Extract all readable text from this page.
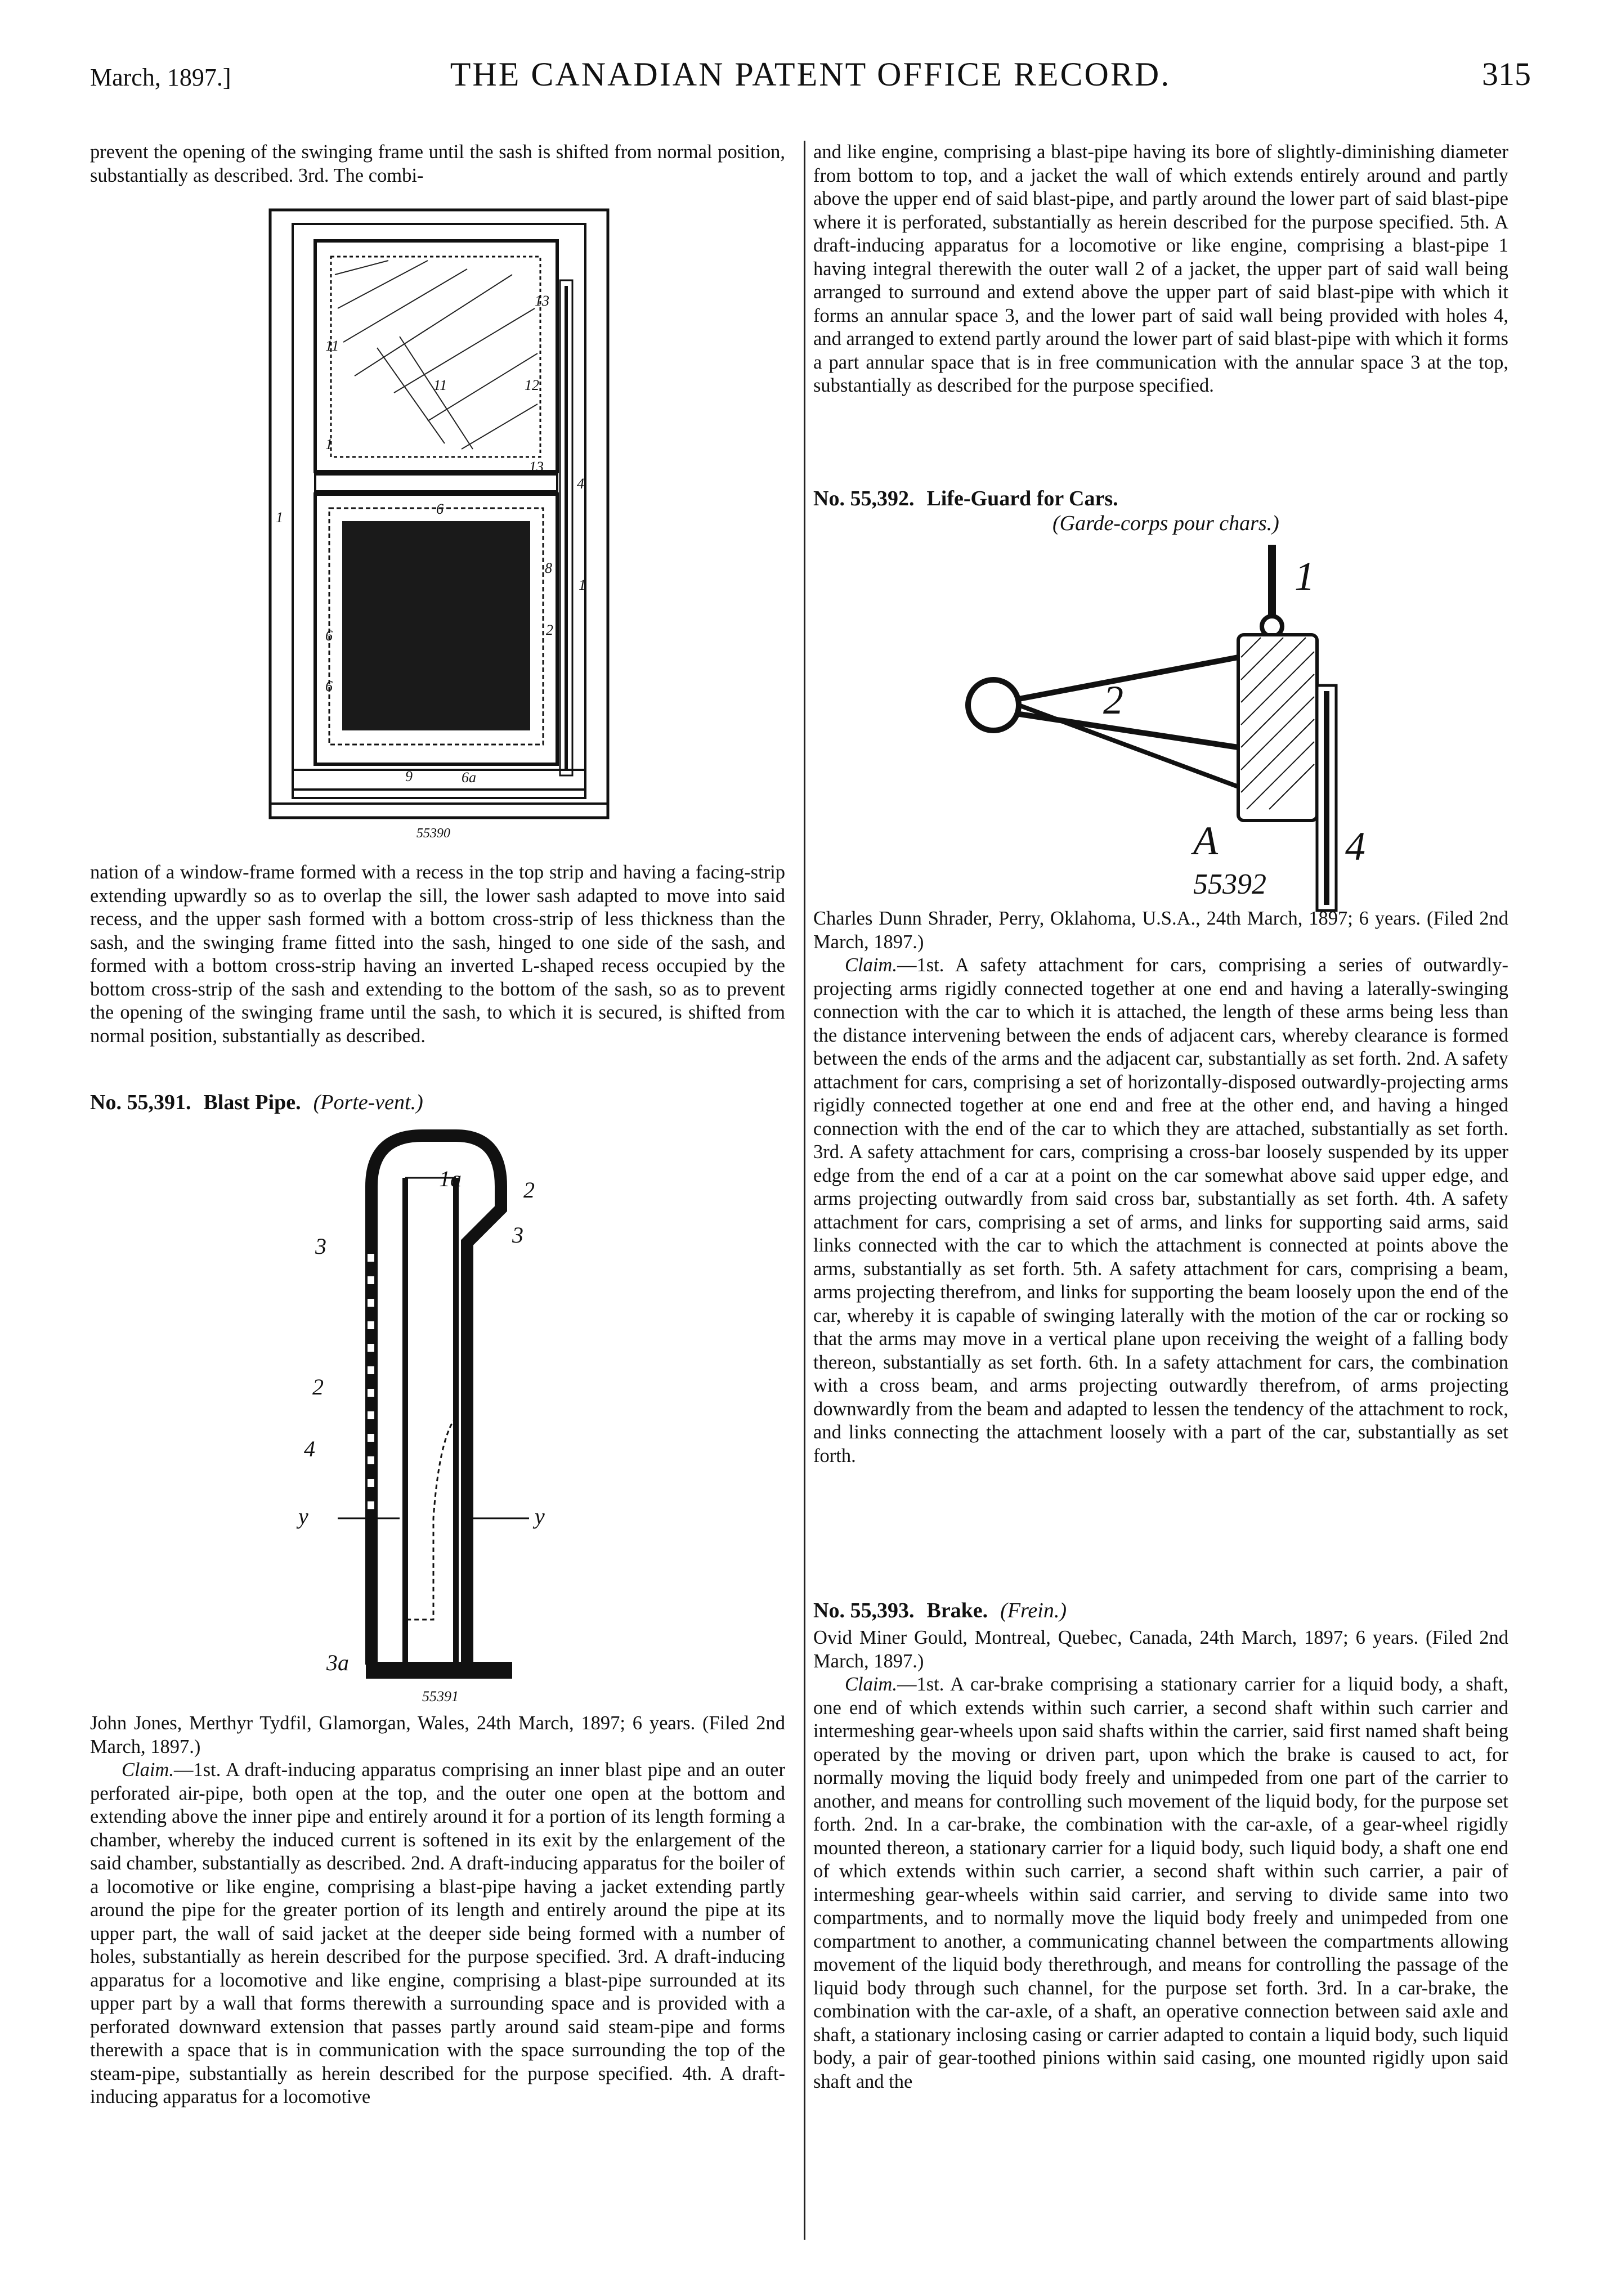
March, 1897.]	THE CANADIAN PATENT OFFICE RECORD.	315

prevent the opening of the swinging frame until the sash is shifted from normal position, substantially as described. 3rd. The combi-

13
11	12
11
13
4
1
6
8
1
2
6
9	6a
1
6
55390

nation of a window-frame formed with a recess in the top strip and having a facing-strip extending upwardly so as to overlap the sill, the lower sash adapted to move into said recess, and the upper sash formed with a bottom cross-strip of less thickness than the sash, and the swinging frame fitted into the sash, hinged to one side of the sash, and formed with a bottom cross-strip having an inverted L-shaped recess occupied by the bottom cross-strip of the sash and extending to the bottom of the sash, so as to prevent the opening of the swinging frame until the sash, to which it is secured, is shifted from normal position, substantially as described.

No. 55,391. Blast Pipe. (Porte-vent.)
1a	2
3	3
2
4
y	y
3a
55391

John Jones, Merthyr Tydfil, Glamorgan, Wales, 24th March, 1897; 6 years. (Filed 2nd March, 1897.)

Claim.—1st. A draft-inducing apparatus comprising an inner blast pipe and an outer perforated air-pipe, both open at the top, and the outer one open at the bottom and extending above the inner pipe and entirely around it for a portion of its length forming a chamber, whereby the induced current is softened in its exit by the enlargement of the said chamber, substantially as described. 2nd. A draft-inducing apparatus for the boiler of a locomotive or like engine, comprising a blast-pipe having a jacket extending partly around the pipe for the greater portion of its length and entirely around the pipe at its upper part, the wall of said jacket at the deeper side being formed with a number of holes, substantially as herein described for the purpose specified. 3rd. A draft-inducing apparatus for a locomotive and like engine, comprising a blast-pipe surrounded at its upper part by a wall that forms therewith a surrounding space and is provided with a perforated downward extension that passes partly around said steam-pipe and forms therewith a space that is in communication with the space surrounding the top of the steam-pipe, substantially as herein described for the purpose specified. 4th. A draft-inducing apparatus for a locomotive

and like engine, comprising a blast-pipe having its bore of slightly-diminishing diameter from bottom to top, and a jacket the wall of which extends entirely around and partly above the upper end of said blast-pipe, and partly around the lower part of said blast-pipe where it is perforated, substantially as herein described for the purpose specified. 5th. A draft-inducing apparatus for a locomotive or like engine, comprising a blast-pipe 1 having integral therewith the outer wall 2 of a jacket, the upper part of said wall being arranged to surround and extend above the upper part of said blast-pipe with which it forms an annular space 3, and the lower part of said wall being provided with holes 4, and arranged to extend partly around the lower part of said blast-pipe with which it forms a part annular space that is in free communication with the annular space 3 at the top, substantially as described for the purpose specified.

No. 55,392. Life-Guard for Cars.
(Garde-corps pour chars.)
1
2
A	4
55392

Charles Dunn Shrader, Perry, Oklahoma, U.S.A., 24th March, 1897; 6 years. (Filed 2nd March, 1897.)

Claim.—1st. A safety attachment for cars, comprising a series of outwardly-projecting arms rigidly connected together at one end and having a laterally-swinging connection with the car to which it is attached, the length of these arms being less than the distance intervening between the ends of adjacent cars, whereby clearance is formed between the ends of the arms and the adjacent car, substantially as set forth. 2nd. A safety attachment for cars, comprising a set of horizontally-disposed outwardly-projecting arms rigidly connected together at one end and free at the other end, and having a hinged connection with the end of the car to which they are attached, substantially as set forth. 3rd. A safety attachment for cars, comprising a cross-bar loosely suspended by its upper edge from the end of a car at a point on the car somewhat above said upper edge, and arms projecting outwardly from said cross bar, substantially as set forth. 4th. A safety attachment for cars, comprising a set of arms, and links for supporting said arms, said links connected with the car to which the attachment is connected at points above the arms, substantially as set forth. 5th. A safety attachment for cars, comprising a beam, arms projecting therefrom, and links for supporting the beam loosely upon the end of the car, whereby it is capable of swinging laterally with the motion of the car or rocking so that the arms may move in a vertical plane upon receiving the weight of a falling body thereon, substantially as set forth. 6th. In a safety attachment for cars, the combination with a cross beam, and arms projecting outwardly therefrom, of arms projecting downwardly from the beam and adapted to lessen the tendency of the attachment to rock, and links connecting the attachment loosely with a part of the car, substantially as set forth.

No. 55,393. Brake. (Frein.)

Ovid Miner Gould, Montreal, Quebec, Canada, 24th March, 1897; 6 years. (Filed 2nd March, 1897.)

Claim.—1st. A car-brake comprising a stationary carrier for a liquid body, a shaft, one end of which extends within such carrier, a second shaft within such carrier and intermeshing gear-wheels upon said shafts within the carrier, said first named shaft being operated by the moving or driven part, upon which the brake is caused to act, for normally moving the liquid body freely and unimpeded from one part of the carrier to another, and means for controlling such movement of the liquid body, for the purpose set forth. 2nd. In a car-brake, the combination with the car-axle, of a gear-wheel rigidly mounted thereon, a stationary carrier for a liquid body, such liquid body, a shaft one end of which extends within such carrier, a second shaft within such carrier, a pair of intermeshing gear-wheels within said carrier, and serving to divide same into two compartments, and to normally move the liquid body freely and unimpeded from one compartment to another, a communicating channel between the compartments allowing movement of the liquid body therethrough, and means for controlling the passage of the liquid body through such channel, for the purpose set forth. 3rd. In a car-brake, the combination with the car-axle, of a shaft, an operative connection between said axle and shaft, a stationary inclosing casing or carrier adapted to contain a liquid body, such liquid body, a pair of gear-toothed pinions within said casing, one mounted rigidly upon said shaft and the
